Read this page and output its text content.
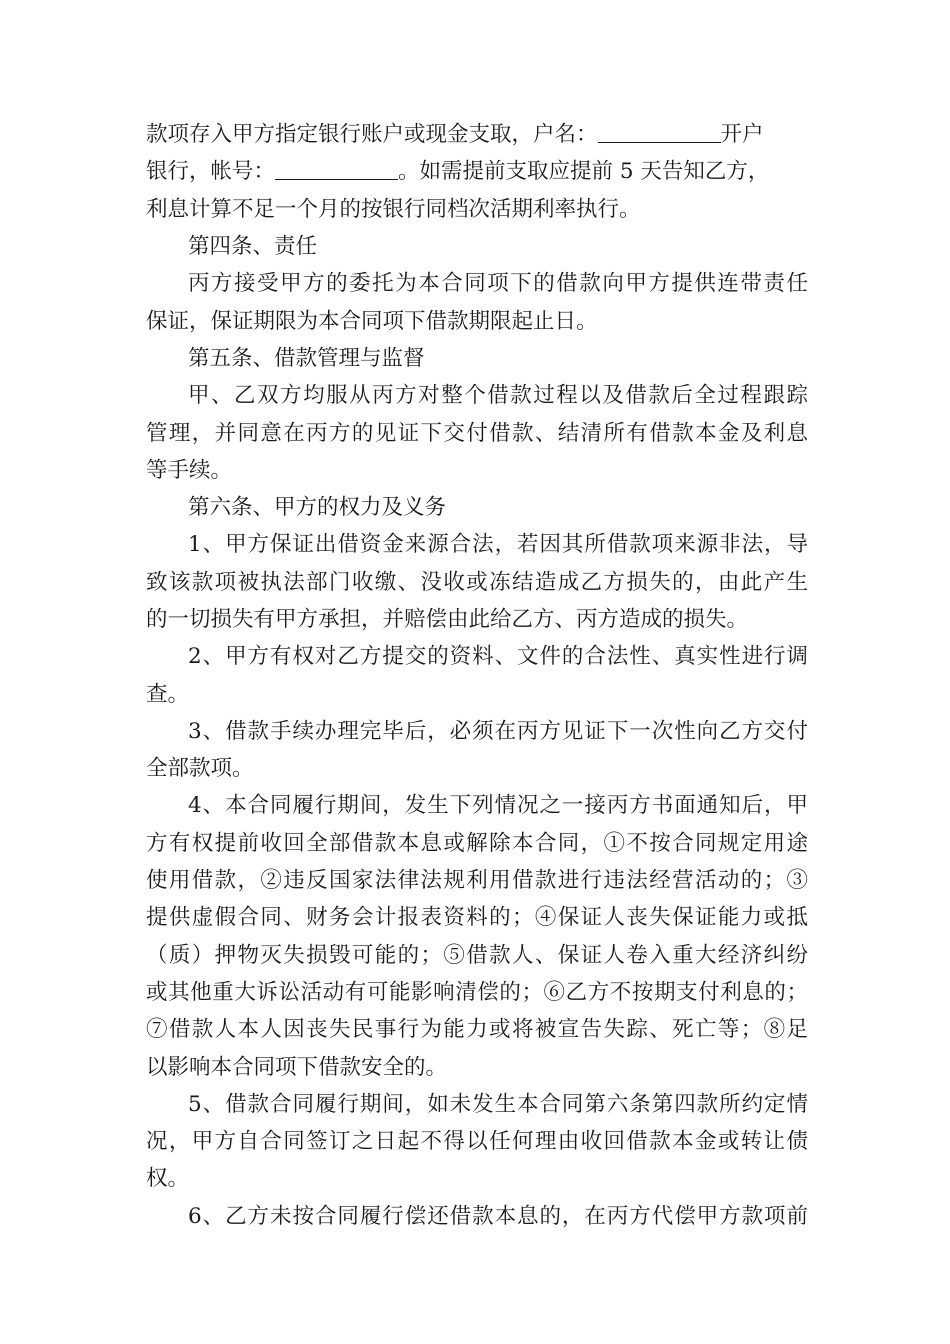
款项存入甲方指定银行账户或现金支取，户名：	开户
银行，帐号：	。如需提前支取应提前 5 天告知乙方，
利息计算不足一个月的按银行同档次活期利率执行。
第四条、责任
丙方接受甲方的委托为本合同项下的借款向甲方提供连带责任
保证，保证期限为本合同项下借款期限起止日。
第五条、借款管理与监督
甲、乙双方均服从丙方对整个借款过程以及借款后全过程跟踪
管理，并同意在丙方的见证下交付借款、结清所有借款本金及利息
等手续。
第六条、甲方的权力及义务
1、甲方保证出借资金来源合法，若因其所借款项来源非法，导
致该款项被执法部门收缴、没收或冻结造成乙方损失的，由此产生
的一切损失有甲方承担，并赔偿由此给乙方、丙方造成的损失。
2、甲方有权对乙方提交的资料、文件的合法性、真实性进行调
查。
3、借款手续办理完毕后，必须在丙方见证下一次性向乙方交付
全部款项。
4、本合同履行期间，发生下列情况之一接丙方书面通知后，甲
方有权提前收回全部借款本息或解除本合同，①不按合同规定用途
使用借款，②违反国家法律法规利用借款进行违法经营活动的；③
提供虚假合同、财务会计报表资料的；④保证人丧失保证能力或抵
（质）押物灭失损毁可能的；⑤借款人、保证人卷入重大经济纠纷
或其他重大诉讼活动有可能影响清偿的；⑥乙方不按期支付利息的；
⑦借款人本人因丧失民事行为能力或将被宣告失踪、死亡等；⑧足
以影响本合同项下借款安全的。
5、借款合同履行期间，如未发生本合同第六条第四款所约定情
况，甲方自合同签订之日起不得以任何理由收回借款本金或转让债
权。
6、乙方未按合同履行偿还借款本息的，在丙方代偿甲方款项前
